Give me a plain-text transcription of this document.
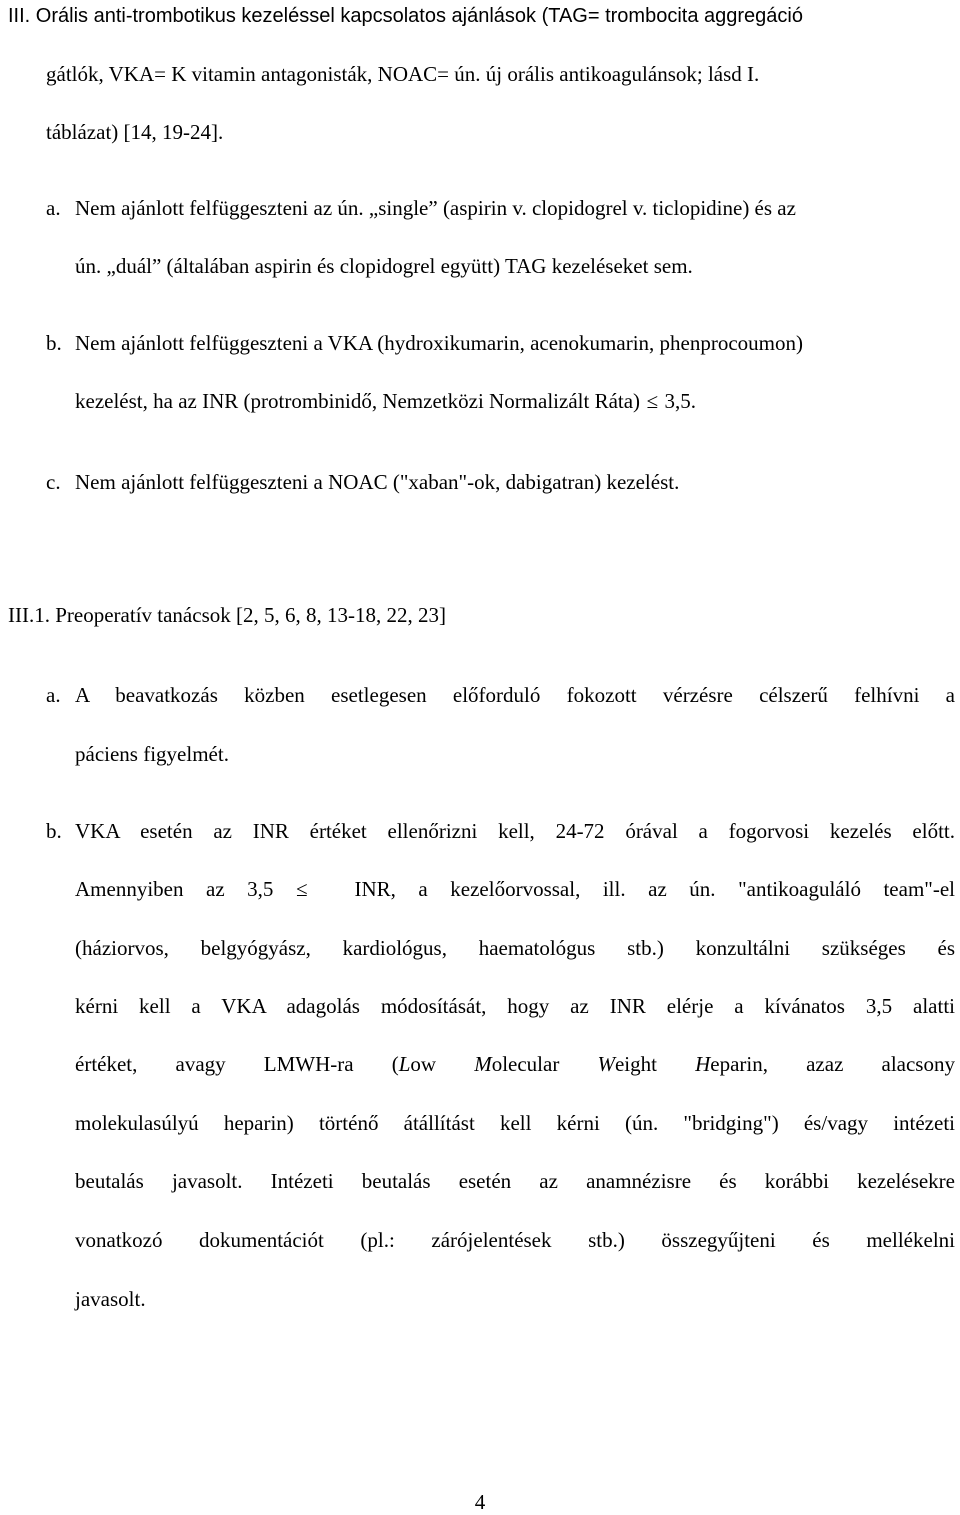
III. Orális anti-trombotikus kezeléssel kapcsolatos ajánlások (TAG= trombocita aggregáció
gátlók, VKA= K vitamin antagonisták, NOAC= ún. új orális antikoagulánsok; lásd I.
táblázat) [14, 19-24].
a. Nem ajánlott felfüggeszteni az ún. „single” (aspirin v. clopidogrel v. ticlopidine) és az
ún. „duál” (általában aspirin és clopidogrel együtt) TAG kezeléseket sem.
b. Nem ajánlott felfüggeszteni a VKA (hydroxikumarin, acenokumarin, phenprocoumon)
kezelést, ha az INR (protrombinidő, Nemzetközi Normalizált Ráta) ≤ 3,5.
c. Nem ajánlott felfüggeszteni a NOAC ("xaban"-ok, dabigatran) kezelést.
III.1. Preoperatív tanácsok [2, 5, 6, 8, 13-18, 22, 23]
a. A beavatkozás közben esetlegesen előforduló fokozott vérzésre célszerű felhívni a
páciens figyelmét.
b. VKA esetén az INR értéket ellenőrizni kell, 24-72 órával a fogorvosi kezelés előtt.
Amennyiben az 3,5 ≤ INR, a kezelőorvossal, ill. az ún. "antikoaguláló team"-el
(háziorvos, belgyógyász, kardiológus, haematológus stb.) konzultálni szükséges és
kérni kell a VKA adagolás módosítását, hogy az INR elérje a kívánatos 3,5 alatti
értéket, avagy LMWH-ra (Low Molecular Weight Heparin, azaz alacsony
molekulasúlyú heparin) történő átállítást kell kérni (ún. "bridging") és/vagy intézeti
beutalás javasolt. Intézeti beutalás esetén az anamnézisre és korábbi kezelésekre
vonatkozó dokumentációt (pl.: zárójelentések stb.) összegyűjteni és mellékelni
javasolt.
4
